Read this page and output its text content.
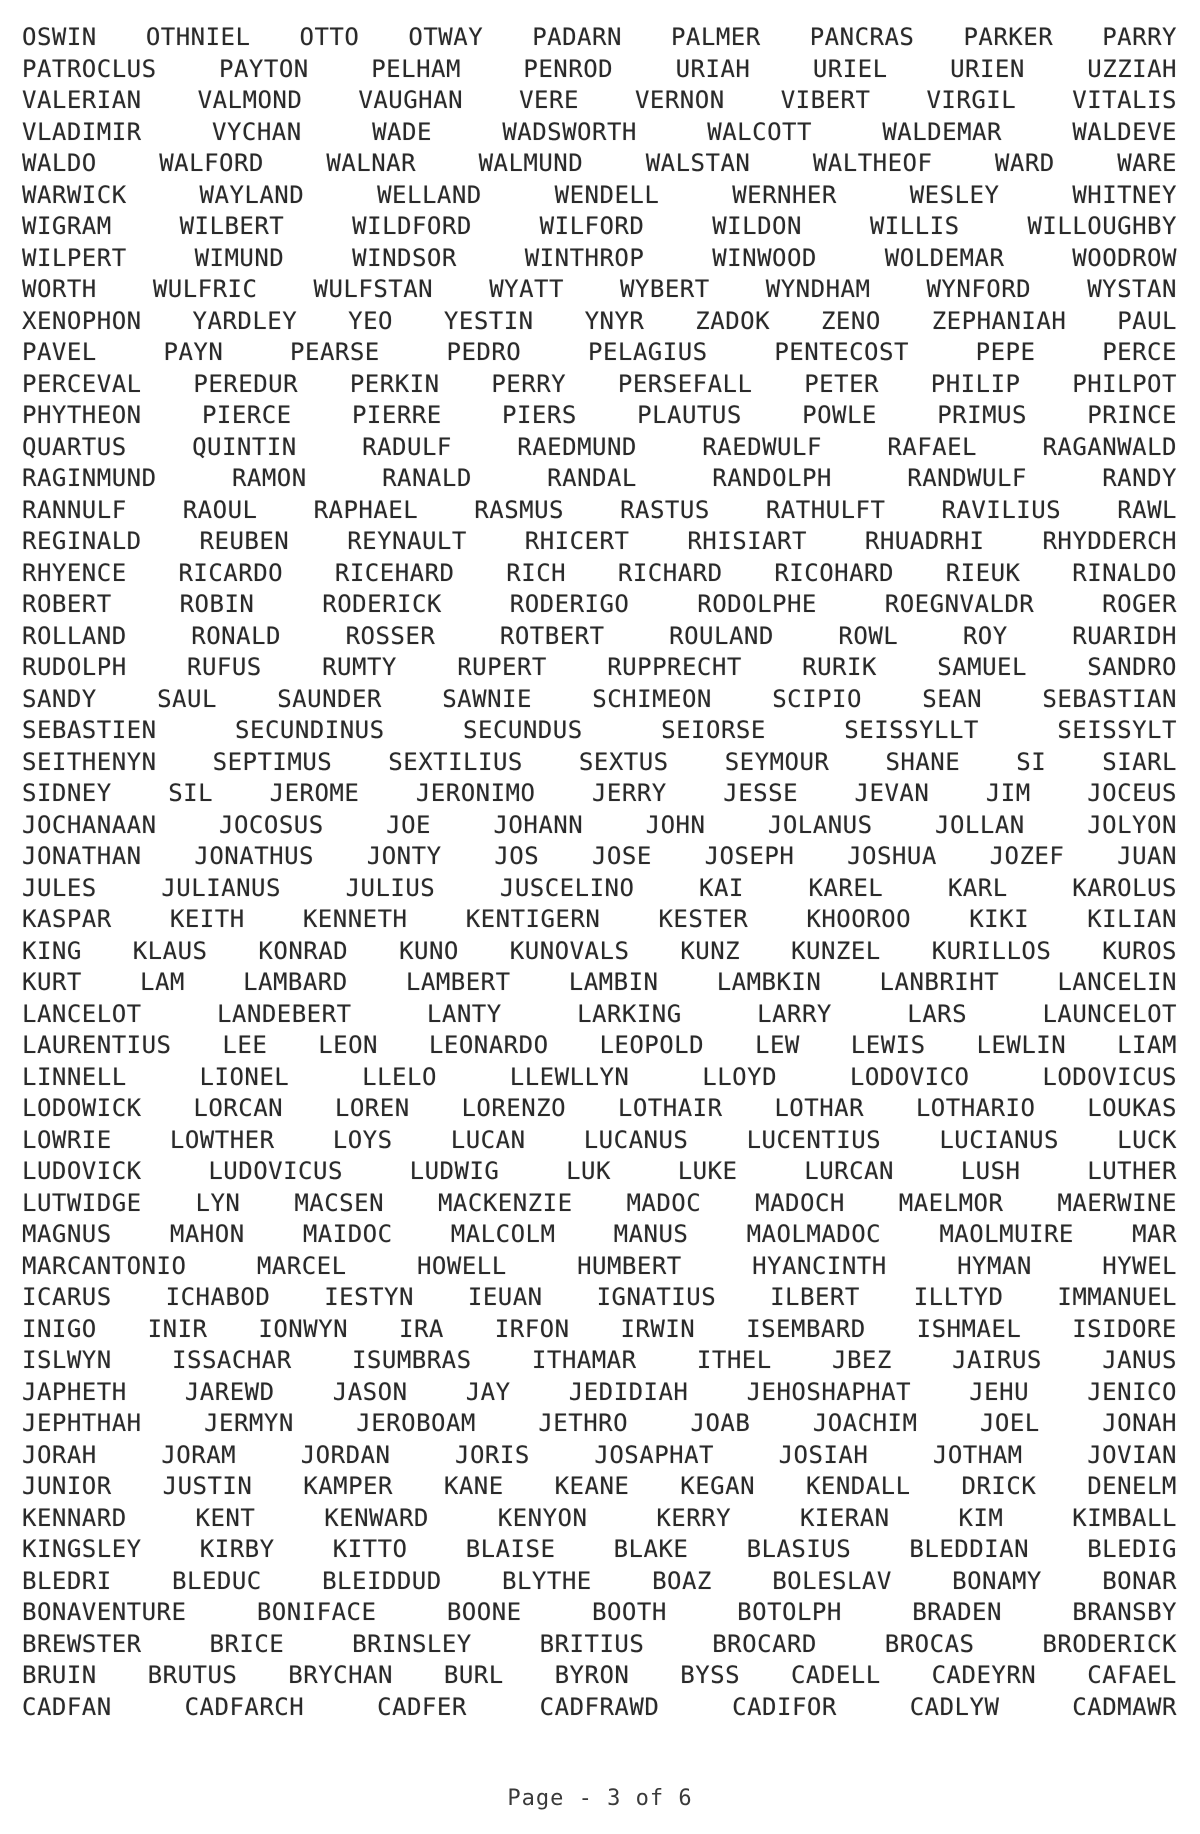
OSWIN OTHNIEL OTTO OTWAY PADARN PALMER PANCRAS PARKER PARRY
PATROCLUS	PAYTON	PELHAM	PENROD	URIAH	URIEL	URIEN	UZZIAH
VALERIAN VALMOND VAUGHAN VERE VERNON VIBERT VIRGIL VITALIS
VLADIMIR	VYCHAN	WADE	WADSWORTH	WALCOTT	WALDEMAR	WALDEVE
WALDO	WALFORD	WALNAR	WALMUND	WALSTAN	WALTHEOF	WARD	WARE
WARWICK	WAYLAND	WELLAND	WENDELL	WERNHER	WESLEY	WHITNEY
WIGRAM	WILBERT	WILDFORD	WILFORD	WILDON	WILLIS	WILLOUGHBY
WILPERT	WIMUND	WINDSOR	WINTHROP	WINWOOD	WOLDEMAR	WOODROW
WORTH WULFRIC WULFSTAN WYATT WYBERT WYNDHAM WYNFORD WYSTAN
XENOPHON YARDLEY YEO YESTIN YNYR ZADOK ZENO ZEPHANIAH PAUL
PAVEL	PAYN	PEARSE	PEDRO	PELAGIUS	PENTECOST	PEPE	PERCE
PERCEVAL PEREDUR PERKIN PERRY PERSEFALL PETER PHILIP PHILPOT
PHYTHEON	PIERCE	PIERRE	PIERS	PLAUTUS	POWLE	PRIMUS	PRINCE
QUARTUS	QUINTIN	RADULF	RAEDMUND	RAEDWULF	RAFAEL	RAGANWALD
RAGINMUND	RAMON	RANALD	RANDAL	RANDOLPH	RANDWULF	RANDY
RANNULF RAOUL RAPHAEL RASMUS RASTUS RATHULFT RAVILIUS RAWL
REGINALD REUBEN REYNAULT RHICERT RHISIART RHUADRHI RHYDDERCH
RHYENCE RICARDO RICEHARD RICH RICHARD RICOHARD RIEUK RINALDO
ROBERT	ROBIN	RODERICK	RODERIGO	RODOLPHE	ROEGNVALDR	ROGER
ROLLAND	RONALD	ROSSER	ROTBERT	ROULAND	ROWL	ROY	RUARIDH
RUDOLPH	RUFUS	RUMTY	RUPERT	RUPPRECHT	RURIK	SAMUEL	SANDRO
SANDY	SAUL	SAUNDER	SAWNIE	SCHIMEON	SCIPIO	SEAN	SEBASTIAN
SEBASTIEN	SECUNDINUS	SECUNDUS	SEIORSE	SEISSYLLT	SEISSYLT
SEITHENYN SEPTIMUS SEXTILIUS SEXTUS SEYMOUR SHANE SI SIARL
SIDNEY SIL JEROME JERONIMO JERRY JESSE JEVAN JIM JOCEUS
JOCHANAAN	JOCOSUS	JOE	JOHANN	JOHN	JOLANUS	JOLLAN	JOLYON
JONATHAN JONATHUS JONTY JOS JOSE JOSEPH JOSHUA JOZEF JUAN
JULES	JULIANUS	JULIUS	JUSCELINO	KAI	KAREL	KARL	KAROLUS
KASPAR KEITH KENNETH KENTIGERN KESTER KHOOROO KIKI KILIAN
KING KLAUS KONRAD KUNO KUNOVALS KUNZ KUNZEL KURILLOS KUROS
KURT LAM LAMBARD LAMBERT LAMBIN LAMBKIN LANBRIHT LANCELIN
LANCELOT	LANDEBERT	LANTY	LARKING	LARRY	LARS	LAUNCELOT
LAURENTIUS LEE LEON LEONARDO LEOPOLD LEW LEWIS LEWLIN LIAM
LINNELL	LIONEL	LLELO	LLEWLLYN	LLOYD	LODOVICO	LODOVICUS
LODOWICK LORCAN LOREN LORENZO LOTHAIR LOTHAR LOTHARIO LOUKAS
LOWRIE LOWTHER LOYS LUCAN LUCANUS LUCENTIUS LUCIANUS LUCK
LUDOVICK	LUDOVICUS	LUDWIG	LUK	LUKE	LURCAN	LUSH	LUTHER
LUTWIDGE LYN MACSEN MACKENZIE MADOC MADOCH MAELMOR MAERWINE
MAGNUS MAHON MAIDOC MALCOLM MANUS MAOLMADOC MAOLMUIRE MAR
MARCANTONIO	MARCEL	HOWELL	HUMBERT	HYANCINTH	HYMAN	HYWEL
ICARUS ICHABOD IESTYN IEUAN IGNATIUS ILBERT ILLTYD IMMANUEL
INIGO INIR IONWYN IRA IRFON IRWIN ISEMBARD ISHMAEL ISIDORE
ISLWYN	ISSACHAR	ISUMBRAS	ITHAMAR	ITHEL	JBEZ	JAIRUS	JANUS
JAPHETH JAREWD JASON JAY JEDIDIAH JEHOSHAPHAT JEHU JENICO
JEPHTHAH	JERMYN	JEROBOAM	JETHRO	JOAB	JOACHIM	JOEL	JONAH
JORAH	JORAM	JORDAN	JORIS	JOSAPHAT	JOSIAH	JOTHAM	JOVIAN
JUNIOR JUSTIN KAMPER KANE KEANE KEGAN KENDALL DRICK DENELM
KENNARD	KENT	KENWARD	KENYON	KERRY	KIERAN	KIM	KIMBALL
KINGSLEY KIRBY KITTO BLAISE BLAKE BLASIUS BLEDDIAN BLEDIG
BLEDRI	BLEDUC	BLEIDDUD	BLYTHE	BOAZ	BOLESLAV	BONAMY	BONAR
BONAVENTURE	BONIFACE	BOONE	BOOTH	BOTOLPH	BRADEN	BRANSBY
BREWSTER	BRICE	BRINSLEY	BRITIUS	BROCARD	BROCAS	BRODERICK
BRUIN BRUTUS BRYCHAN BURL BYRON BYSS CADELL CADEYRN CAFAEL
CADFAN	CADFARCH	CADFER	CADFRAWD	CADIFOR	CADLYW	CADMAWR
Page - 3 of 6
